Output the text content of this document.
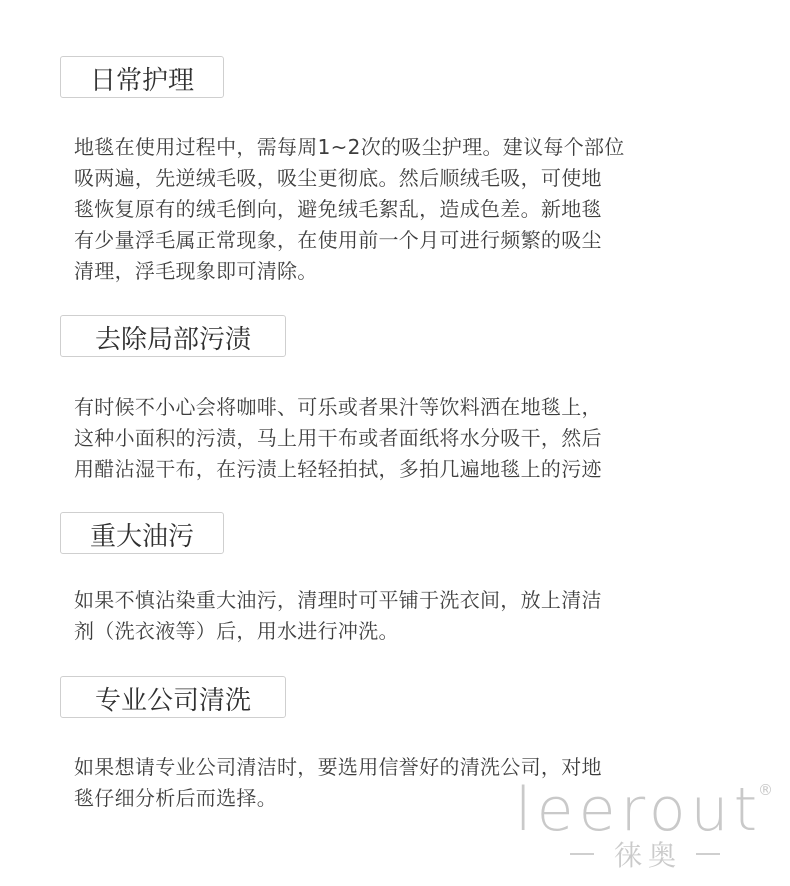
日常护理

地毯在使用过程中，需每周1~2次的吸尘护理。建议每个部位
吸两遍，先逆绒毛吸，吸尘更彻底。然后顺绒毛吸，可使地
毯恢复原有的绒毛倒向，避免绒毛絮乱，造成色差。新地毯
有少量浮毛属正常现象，在使用前一个月可进行频繁的吸尘
清理，浮毛现象即可清除。

去除局部污渍

有时候不小心会将咖啡、可乐或者果汁等饮料洒在地毯上，
这种小面积的污渍，马上用干布或者面纸将水分吸干，然后
用醋沾湿干布，在污渍上轻轻拍拭，多拍几遍地毯上的污迹

重大油污

如果不慎沾染重大油污，清理时可平铺于洗衣间，放上清洁
剂（洗衣液等）后，用水进行冲洗。

专业公司清洗

如果想请专业公司清洁时，要选用信誉好的清洗公司，对地
毯仔细分析后而选择。	leerout
®
徕奥
